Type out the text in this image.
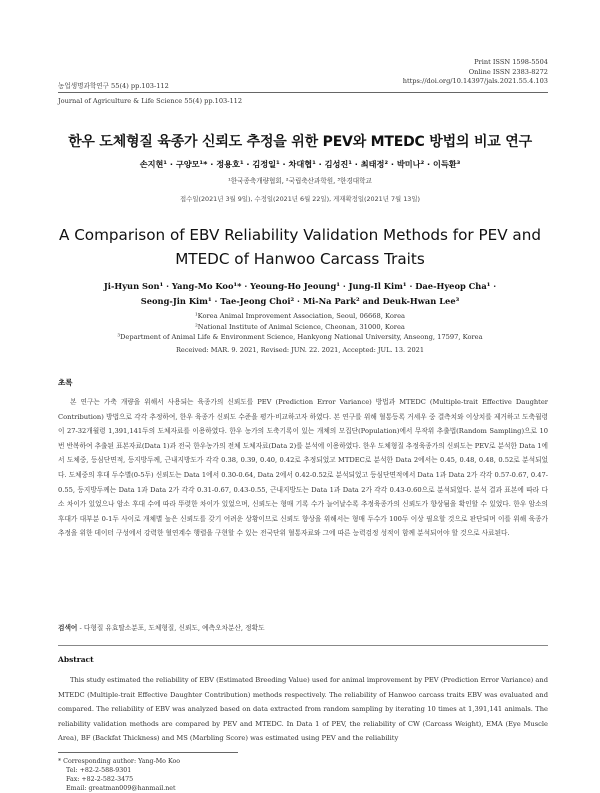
Print ISSN 1598-5504
Online ISSN 2383-8272
https://doi.org/10.14397/jals.2021.55.4.103
농업생명과학연구 55(4) pp.103-112
Journal of Agriculture & Life Science 55(4) pp.103-112
한우 도체형질 육종가 신뢰도 추정을 위한 PEV와 MTEDC 방법의 비교 연구
손지현¹ · 구양모¹* · 정용호¹ · 김정일¹ · 차대협¹ · 김성진¹ · 최태정² · 박미나² · 이득환³
¹한국종축개량협회, ²국립축산과학원, ³한경대학교
접수일(2021년 3월 9일), 수정일(2021년 6월 22일), 게재확정일(2021년 7월 13일)
A Comparison of EBV Reliability Validation Methods for PEV and
MTEDC of Hanwoo Carcass Traits
Ji-Hyun Son¹ · Yang-Mo Koo¹* · Yeoung-Ho Jeoung¹ · Jung-Il Kim¹ · Dae-Hyeop Cha¹ ·
Seong-Jin Kim¹ · Tae-Jeong Choi² · Mi-Na Park² and Deuk-Hwan Lee³
¹Korea Animal Improvement Association, Seoul, 06668, Korea
²National Institute of Animal Science, Cheonan, 31000, Korea
³Department of Animal Life & Environment Science, Hankyong National University, Anseong, 17597, Korea
Received: MAR. 9. 2021, Revised: JUN. 22. 2021, Accepted: JUL. 13. 2021
초록
본 연구는 가축 개량을 위해서 사용되는 육종가의 신뢰도를 PEV (Prediction Error Variance) 방법과 MTEDC (Multiple-trait Effective Daughter Contribution) 방법으로 각각 추정하여, 한우 육종가 신뢰도 수준을 평가·비교하고자 하였다. 본 연구를 위해 혈통등록 거세우 중 결측치와 이상치를 제거하고 도축월령이 27-32개월령 1,391,141두의 도체자료를 이용하였다. 한우 농가의 도축기록이 있는 개체의 모집단(Population)에서 무작위 추출법(Random Sampling)으로 10번 반복하여 추출된 표본자료(Data 1)과 전국 한우농가의 전체 도체자료(Data 2)를 분석에 이용하였다. 한우 도체형질 추정육종가의 신뢰도는 PEV로 분석한 Data 1에서 도체중, 등심단면적, 등지방두께, 근내지방도가 각각 0.38, 0.39, 0.40, 0.42로 추정되었고 MTDEC로 분석한 Data 2에서는 0.45, 0.48, 0.48, 0.52로 분석되었다. 도체중의 후대 두수별(0-5두) 신뢰도는 Data 1에서 0.30-0.64, Data 2에서 0.42-0.52로 분석되었고 등심단면적에서 Data 1과 Data 2가 각각 0.57-0.67, 0.47-0.55, 등지방두께는 Data 1과 Data 2가 각각 0.31-0.67, 0.43-0.55, 근내지방도는 Data 1과 Data 2가 각각 0.43-0.60으로 분석되었다. 분석 결과 표본에 따라 다소 차이가 있었으나 암소 후대 수에 따라 뚜렷한 차이가 있었으며, 신뢰도는 형매 기록 수가 늘어날수록 추정육종가의 신뢰도가 향상됨을 확인할 수 있었다. 한우 암소의 후대가 대부분 0-1두 사이로 개체별 높은 신뢰도를 갖기 어려운 상황이므로 신뢰도 향상을 위해서는 형매 두수가 100두 이상 필요할 것으로 판단되며 이를 위해 육종가 추정을 위한 데이터 구성에서 강력한 혈연계수 행렬을 구현할 수 있는 전국단위 혈통자료와 그에 따른 능력검정 성적이 함께 분석되어야 할 것으로 사료된다.
검색어 - 다형질 유효딸소분포, 도체형질, 신뢰도, 예측오차분산, 정확도
Abstract
This study estimated the reliability of EBV (Estimated Breeding Value) used for animal improvement by PEV (Prediction Error Variance) and MTEDC (Multiple-trait Effective Daughter Contribution) methods respectively. The reliability of Hanwoo carcass traits EBV was evaluated and compared. The reliability of EBV was analyzed based on data extracted from random sampling by iterating 10 times at 1,391,141 animals. The reliability validation methods are compared by PEV and MTEDC. In Data 1 of PEV, the reliability of CW (Carcass Weight), EMA (Eye Muscle Area), BF (Backfat Thickness) and MS (Marbling Score) was estimated using PEV and the reliability
* Corresponding author: Yang-Mo Koo
Tel: +82-2-588-9301
Fax: +82-2-582-3475
Email: greatman009@hanmail.net
